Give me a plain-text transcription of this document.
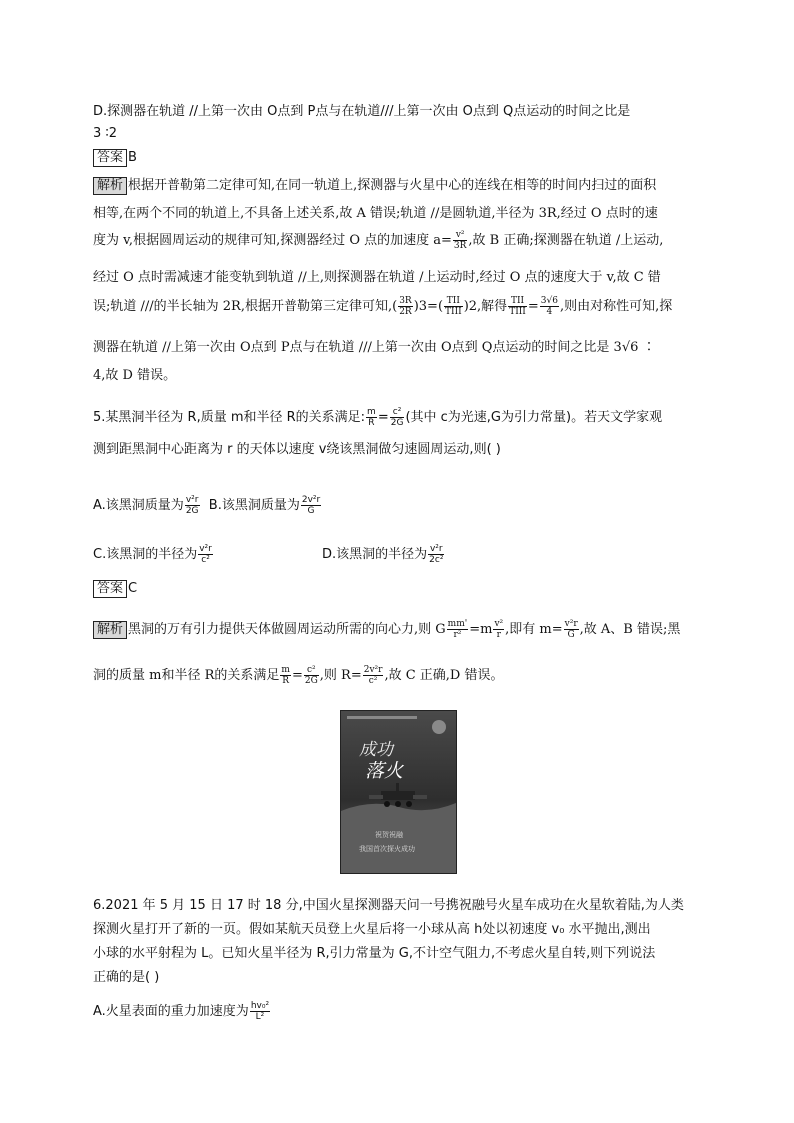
D.探测器在轨道 //上第一次由 O点到 P点与在轨道///上第一次由 O点到 Q点运动的时间之比是
3 ∶2
答案 B
解析 根据开普勒第二定律可知,在同一轨道上,探测器与火星中心的连线在相等的时间内扫过的面积
相等,在两个不同的轨道上,不具备上述关系,故 A 错误;轨道 //是圆轨道,半径为 3R,经过 O 点时的速
度为 v,根据圆周运动的规律可知,探测器经过 O 点的加速度 $a= \frac{\text{v²}}{3R}$ ,故 B 正确;探测器在轨道 /上运动,
经过 O 点时需减速才能变轨到轨道 //上,则探测器在轨道 /上运动时,经过 O 点的速度大于 v,故 C 错
误;轨道 ///的半长轴为 2R,根据开普勒第三定律可知,( $\frac{3R}{2R} )3=( \frac{\text{TII}}{\text{TIII}} )2$,解得 $\frac{\text{TII}}{\text{TIII}} = \frac{3√6}{4}$ ,则由对称性可知,探
测器在轨道 //上第一次由 O点到 P点与在轨道 ///上第一次由 O点到 Q点运动的时间之比是 3√6 ∶
4,故 D 错误。
5.某黑洞半径为 R,质量 m和半径 R的关系满足: $\frac{m}{R} = \frac{\text{c²}}{2G}$ (其中 c为光速,G为引力常量)。若天文学家观
测到距黑洞中心距离为 r 的天体以速度 v绕该黑洞做匀速圆周运动,则( )
A.该黑洞质量为 $\frac{\text{v²r}}{2G} B$.该黑洞质量为 $\frac{\text{2v²r}}{G}$
C.该黑洞的半径为 $\frac{\text{v²r}}{\text{c²}}$	D.该黑洞的半径为 $\frac{\text{v²r}}{\text{2c²}}$
答案 C
解析 黑洞的万有引力提供天体做圆周运动所需的向心力,则 G $\frac{mm'}{\text{r²}} =m \frac{\text{v²}}{r}$ ,即有 $m= \frac{\text{v²r}}{G}$ ,故 A、B 错误;黑
洞的质量 m和半径 R的关系满足 $\frac{m}{R} = \frac{\text{c²}}{2G}$ ,则 $R= \frac{\text{2v²r}}{\text{c²}}$ ,故 C 正确,D 错误。
成功
落火
祝贺祝融
我国首次探火成功
6.2021 年 5 月 15 日 17 时 18 分,中国火星探测器天问一号携祝融号火星车成功在火星软着陆,为人类
探测火星打开了新的一页。假如某航天员登上火星后将一小球从高 h处以初速度 v₀ 水平抛出,测出
小球的水平射程为 L。已知火星半径为 R,引力常量为 G,不计空气阻力,不考虑火星自转,则下列说法
正确的是( )
A.火星表面的重力加速度为 $\frac{\text{hv₀²}}{\text{L²}}$
